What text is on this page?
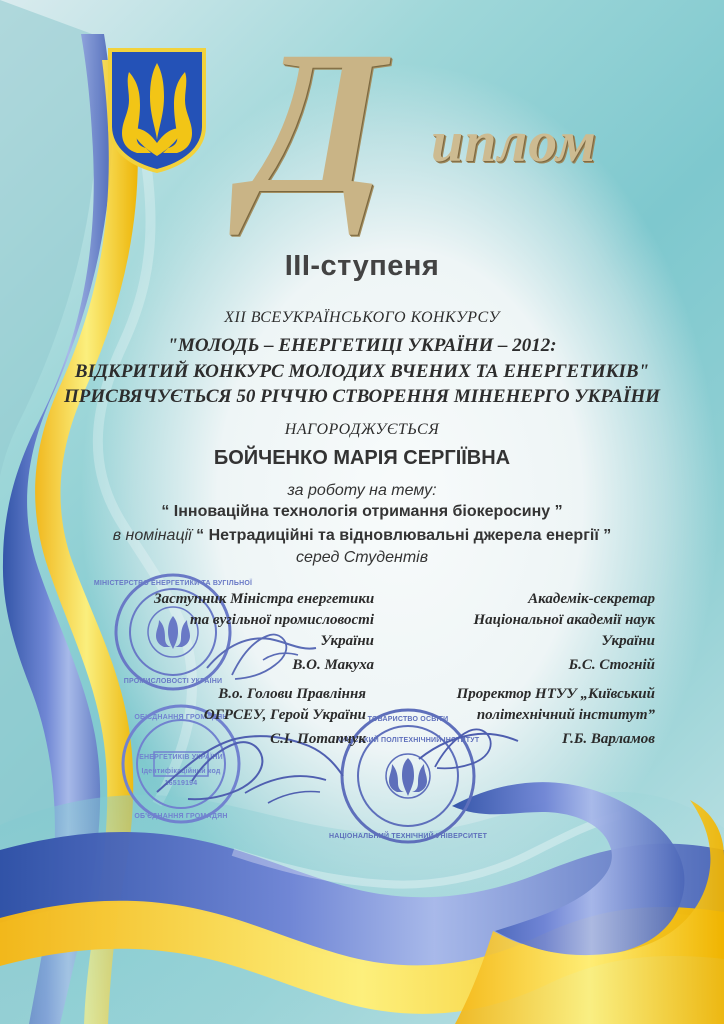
Д иплом
ІІІ-ступеня
ХІІ ВСЕУКРАЇНСЬКОГО КОНКУРСУ
"МОЛОДЬ – ЕНЕРГЕТИЦІ УКРАЇНИ – 2012:
ВІДКРИТИЙ КОНКУРС МОЛОДИХ ВЧЕНИХ ТА ЕНЕРГЕТИКІВ"
ПРИСВЯЧУЄТЬСЯ 50 РІЧЧЮ СТВОРЕННЯ МІНЕНЕРГО УКРАЇНИ
НАГОРОДЖУЄТЬСЯ
БОЙЧЕНКО МАРІЯ СЕРГІЇВНА
за роботу на тему:
“ Інноваційна технологія отримання біокеросину ”
в номінації “ Нетрадиційні та відновлювальні джерела енергії ”
серед Студентів
МІНІСТЕРСТВО ЕНЕРГЕТИКИ ТА ВУГІЛЬНОЇ
ПРОМИСЛОВОСТІ УКРАЇНИ
ОБ'ЄДНАННЯ ГРОМАДЯН
ЕНЕРГЕТИКІВ УКРАЇНИ
Ідентифікаційний код
16519194
ОБ'ЄДНАННЯ ГРОМАДЯН
ТОВАРИСТВО ОСВІТИ
НАЦІОНАЛЬНИЙ ТЕХНІЧНИЙ УНІВЕРСИТЕТ
КИЇВСЬКИЙ ПОЛІТЕХНІЧНИЙ ІНСТИТУТ
Заступник Міністра енергетики
та вугільної промисловості
України
В.О. Макуха
Академік-секретар
Національної академії наук
України
Б.С. Стогній
В.о. Голови Правління
ОГРСЕУ, Герой України
С.І. Потапчук
Проректор НТУУ „Київський
політехнічний інститут”
Г.Б. Варламов
